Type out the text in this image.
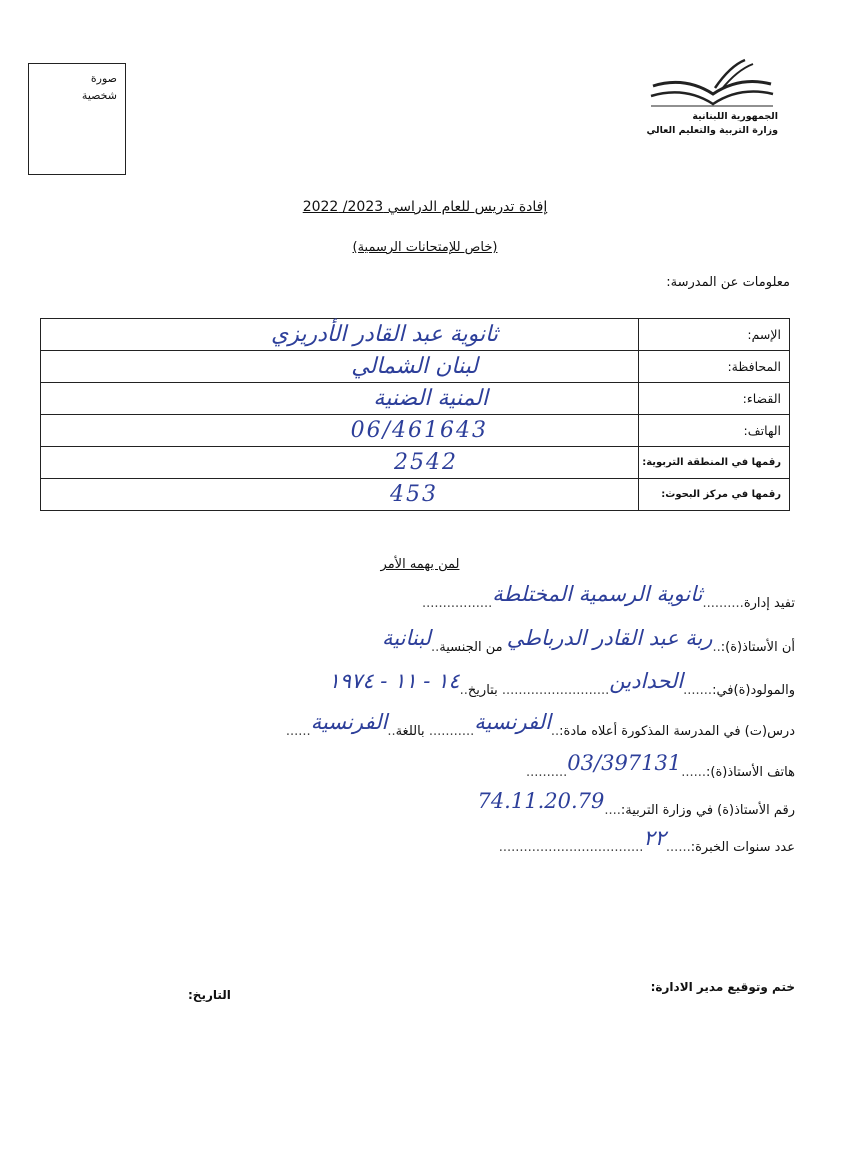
صورة
شخصية
الجمهورية اللبنانية
وزارة التربية والتعليم العالي
إفادة تدريس للعام الدراسي 2023/ 2022
(خاص للإمتحانات الرسمية)
معلومات عن المدرسة:
الإسم:	ثانوية عبد القادر الأدريزي

المحافظة:	لبنان الشمالي

القضاء:	المنية الضنية

الهاتف:	06/461643

رقمها في المنطقة التربوية:	2542

رقمها في مركز البحوث:	453
لمن يهمه الأمر
تفيد إدارة..........ثانوية الرسمية المختلطة.................
أن الأستاذ(ة):..ربة عبد القادر الدرباطي من الجنسية..لبنانية
والمولود(ة)في:.......الحدادين.......................... بتاريخ..١٤ - ١١ - ١٩٧٤
درس(ت) في المدرسة المذكورة أعلاه مادة:..الفرنسية........... باللغة..الفرنسية......
هاتف الأستاذ(ة):......03/397131..........
رقم الأستاذ(ة) في وزارة التربية:....74.11.20.79
عدد سنوات الخبرة:......٢٢...................................
ختم وتوقيع مدير الادارة:
التاريخ:
